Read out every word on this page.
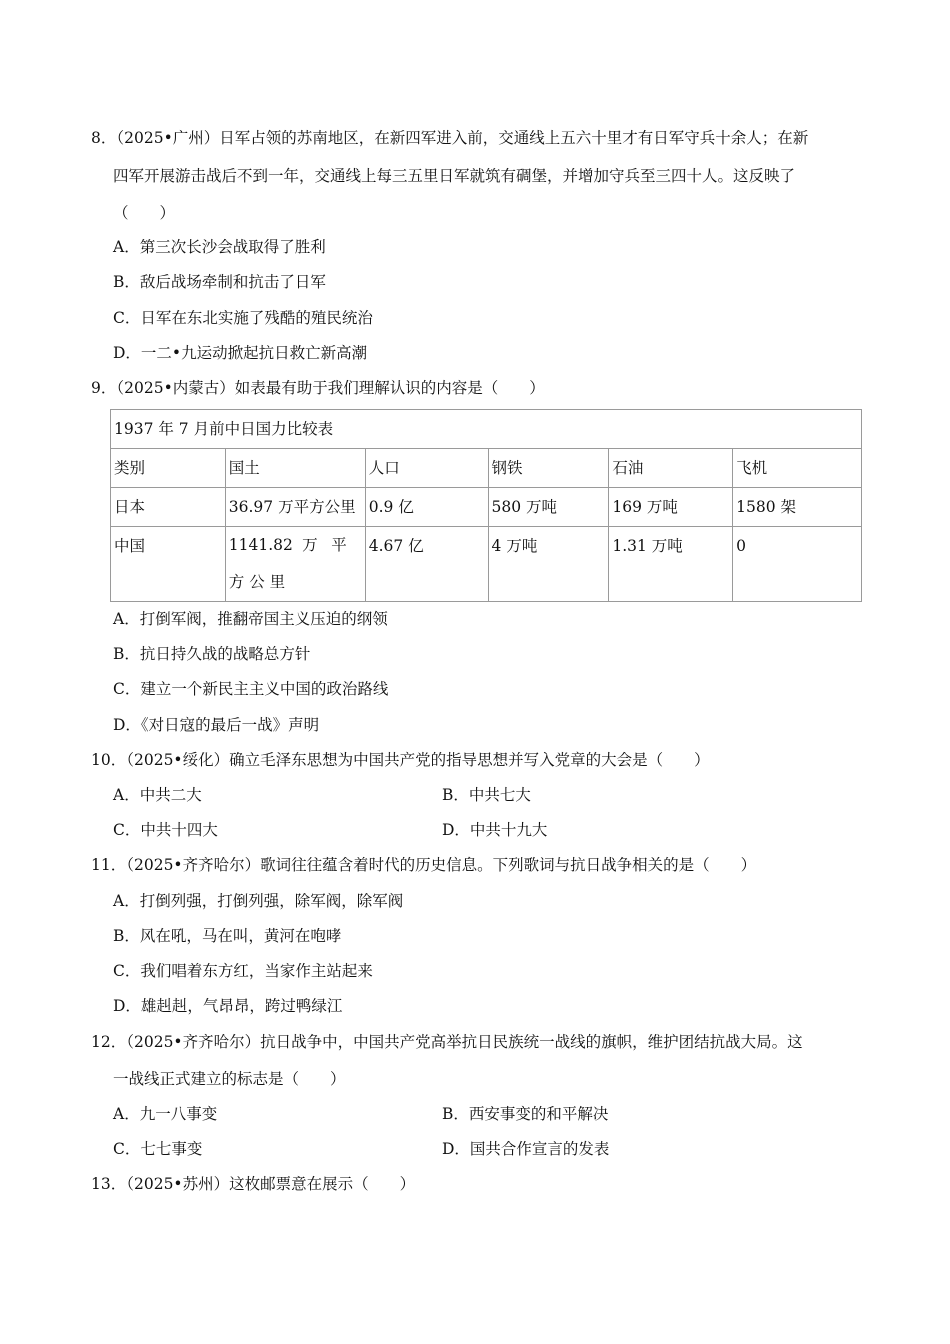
8．（2025•广州）日军占领的苏南地区，在新四军进入前，交通线上五六十里才有日军守兵十余人；在新
四军开展游击战后不到一年，交通线上每三五里日军就筑有碉堡，并增加守兵至三四十人。这反映了
（　　）
A．第三次长沙会战取得了胜利
B．敌后战场牵制和抗击了日军
C．日军在东北实施了残酷的殖民统治
D．一二•九运动掀起抗日救亡新高潮
9．（2025•内蒙古）如表最有助于我们理解认识的内容是（　　）
1937 年 7 月前中日国力比较表					
类别	国土	人口	钢铁	石油	飞机
日本	36.97 万平方公里	0.9 亿	580 万吨	169 万吨	1580 架
中国	1141.82 万 平 方 公 里	4.67 亿	4 万吨	1.31 万吨	0
A．打倒军阀，推翻帝国主义压迫的纲领
B．抗日持久战的战略总方针
C．建立一个新民主主义中国的政治路线
D．《对日寇的最后一战》声明
10．（2025•绥化）确立毛泽东思想为中国共产党的指导思想并写入党章的大会是（　　）
A．中共二大	B．中共七大
C．中共十四大	D．中共十九大
11．（2025•齐齐哈尔）歌词往往蕴含着时代的历史信息。下列歌词与抗日战争相关的是（　　）
A．打倒列强，打倒列强，除军阀，除军阀
B．风在吼，马在叫，黄河在咆哮
C．我们唱着东方红，当家作主站起来
D．雄赳赳，气昂昂，跨过鸭绿江
12．（2025•齐齐哈尔）抗日战争中，中国共产党高举抗日民族统一战线的旗帜，维护团结抗战大局。这
一战线正式建立的标志是（　　）
A．九一八事变	B．西安事变的和平解决
C．七七事变	D．国共合作宣言的发表
13．（2025•苏州）这枚邮票意在展示（　　）
